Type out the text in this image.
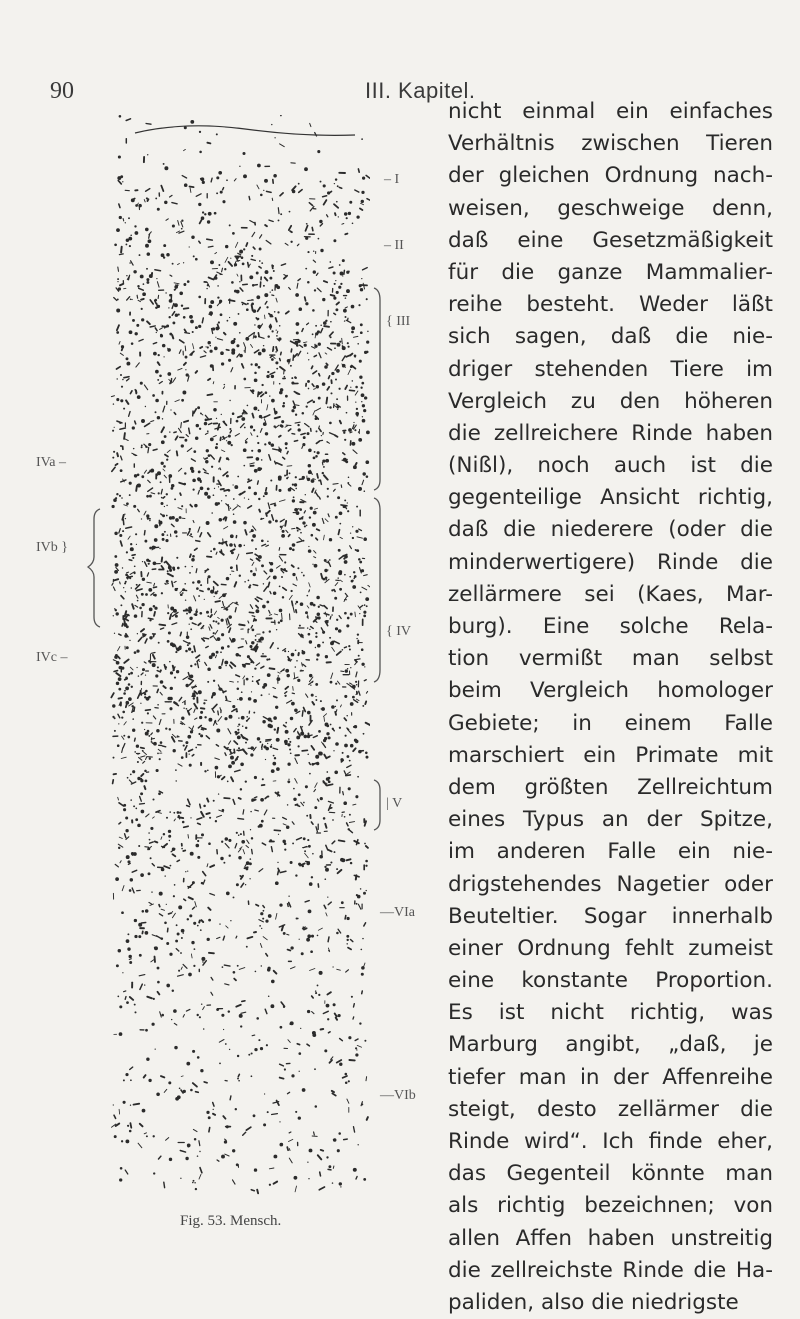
90	III. Kapitel.
– I
– II
{ III
{ IV
| V
—VIa
—VIb
IVa –
IVb }
IVc –
Fig. 53. Mensch.
nicht einmal ein einfaches
Verhältnis zwischen Tieren
der gleichen Ordnung nach-
weisen, geschweige denn,
daß eine Gesetzmäßigkeit
für die ganze Mammalier-
reihe besteht. Weder läßt
sich sagen, daß die nie-
driger stehenden Tiere im
Vergleich zu den höheren
die zellreichere Rinde haben
(Nißl), noch auch ist die
gegenteilige Ansicht richtig,
daß die niederere (oder die
minderwertigere) Rinde die
zellärmere sei (Kaes, Mar-
burg). Eine solche Rela-
tion vermißt man selbst
beim Vergleich homologer
Gebiete; in einem Falle
marschiert ein Primate mit
dem größten Zellreichtum
eines Typus an der Spitze,
im anderen Falle ein nie-
drigstehendes Nagetier oder
Beuteltier. Sogar innerhalb
einer Ordnung fehlt zumeist
eine konstante Proportion.
Es ist nicht richtig, was
Marburg angibt, „daß, je
tiefer man in der Affenreihe
steigt, desto zellärmer die
Rinde wird“. Ich finde eher,
das Gegenteil könnte man
als richtig bezeichnen; von
allen Affen haben unstreitig
die zellreichste Rinde die Ha-
paliden, also die niedrigste
